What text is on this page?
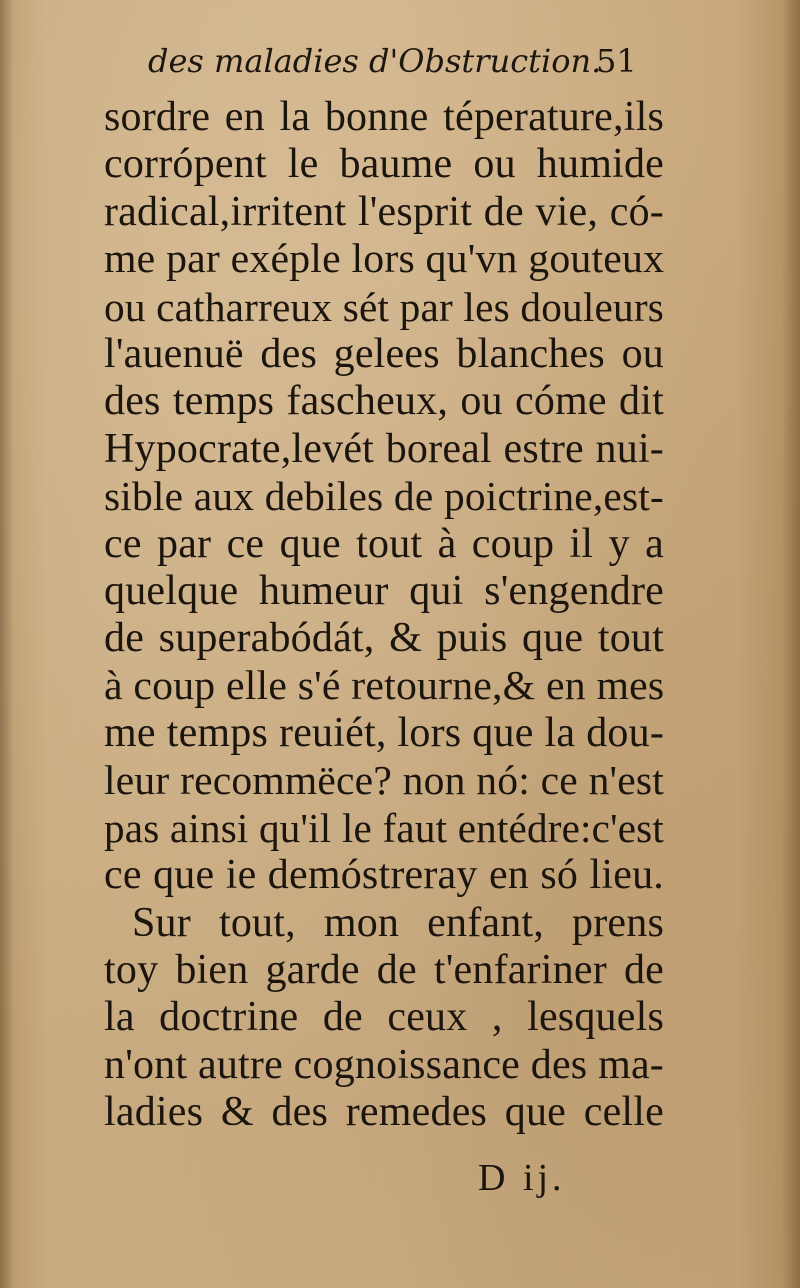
des maladies d'Obstruction.
51
sordre en la bonne téperature,ils
corrópent le baume ou humide
radical,irritent l'esprit de vie, có-
me par exéple lors qu'vn gouteux
ou catharreux sét par les douleurs
l'auenuë des gelees blanches ou
des temps fascheux, ou cóme dit
Hypocrate,levét boreal estre nui-
sible aux debiles de poictrine,est-
ce par ce que tout à coup il y a
quelque humeur qui s'engendre
de superabódát, & puis que tout
à coup elle s'é retourne,& en mes
me temps reuiét, lors que la dou-
leur recommëce? non nó: ce n'est
pas ainsi qu'il le faut entédre:c'est
ce que ie demóstreray en só lieu.
Sur tout, mon enfant, prens
toy bien garde de t'enfariner de
la doctrine de ceux , lesquels
n'ont autre cognoissance des ma-
ladies & des remedes que celle
D ij.
